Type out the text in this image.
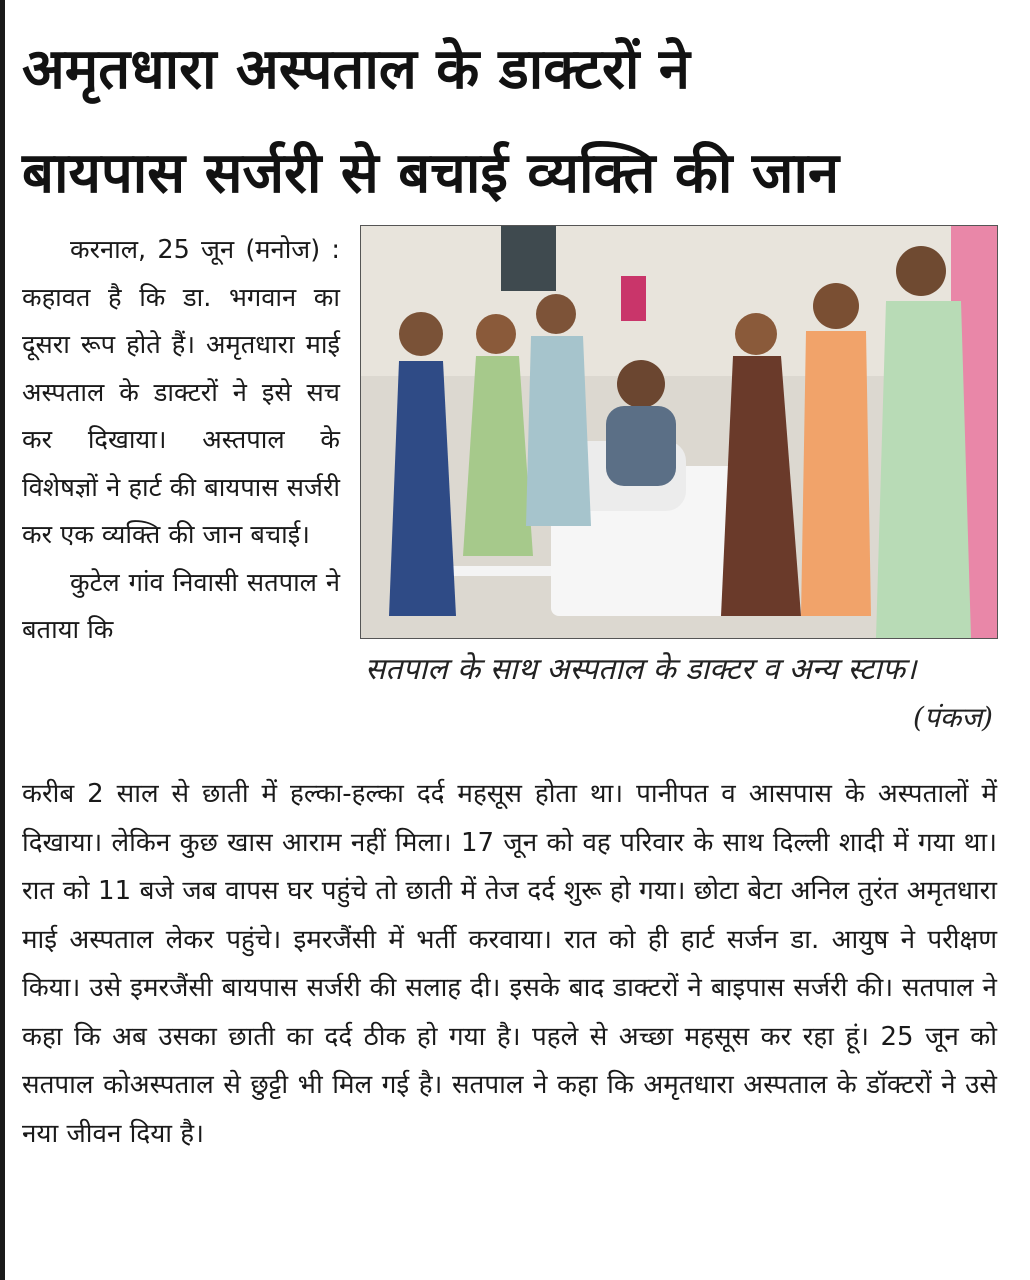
अमृतधारा अस्पताल के डाक्टरों ने
बायपास सर्जरी से बचाई व्यक्ति की जान

करनाल, 25 जून (मनोज) : कहावत है कि डा. भगवान का दूसरा रूप होते हैं। अमृतधारा माई अस्पताल के डाक्टरों ने इसे सच कर दिखाया। अस्तपाल के विशेषज्ञों ने हार्ट की बायपास सर्जरी कर एक व्यक्ति की जान बचाई।

कुटेल गांव निवासी सतपाल ने बताया कि

सतपाल के साथ अस्पताल के डाक्टर व अन्य स्टाफ।
(पंकज)

करीब 2 साल से छाती में हल्का-हल्का दर्द महसूस होता था। पानीपत व आसपास के अस्पतालों में दिखाया। लेकिन कुछ खास आराम नहीं मिला। 17 जून को वह परिवार के साथ दिल्ली शादी में गया था। रात को 11 बजे जब वापस घर पहुंचे तो छाती में तेज दर्द शुरू हो गया। छोटा बेटा अनिल तुरंत अमृतधारा माई अस्पताल लेकर पहुंचे। इमरजैंसी में भर्ती करवाया। रात को ही हार्ट सर्जन डा. आयुष ने परीक्षण किया। उसे इमरजैंसी बायपास सर्जरी की सलाह दी। इसके बाद डाक्टरों ने बाइपास सर्जरी की। सतपाल ने कहा कि अब उसका छाती का दर्द ठीक हो गया है। पहले से अच्छा महसूस कर रहा हूं। 25 जून को सतपाल कोअस्पताल से छुट्टी भी मिल गई है। सतपाल ने कहा कि अमृतधारा अस्पताल के डॉक्टरों ने उसे नया जीवन दिया है।
